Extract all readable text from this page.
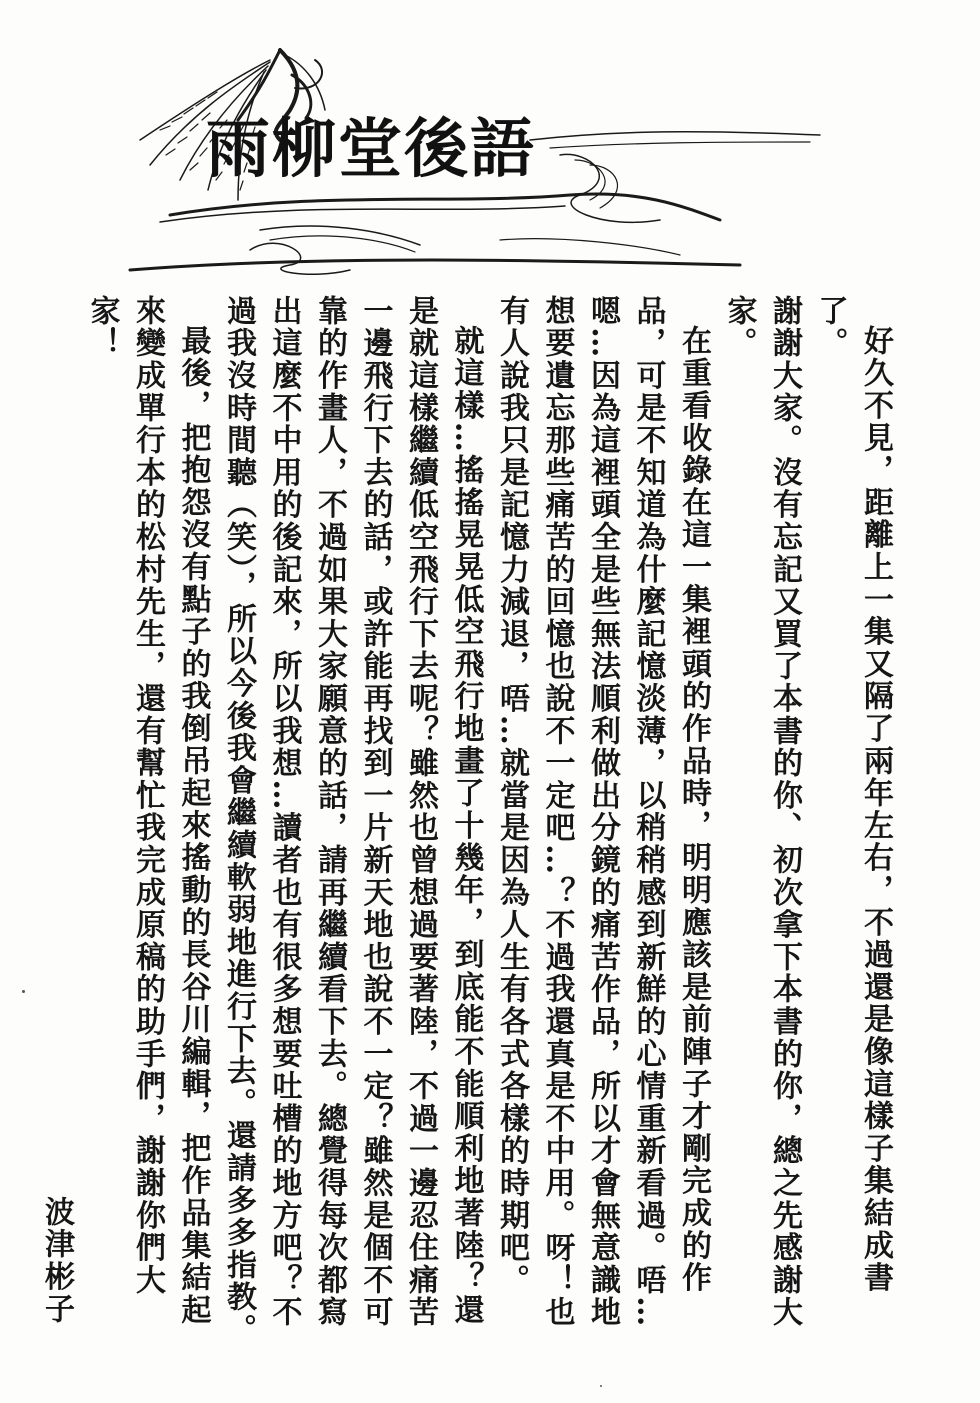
雨柳堂後語

好久不見，距離上一集又隔了兩年左右，不過還是像這樣子集結成書了。

謝謝大家。沒有忘記又買了本書的你、初次拿下本書的你，總之先感謝大家。

在重看收錄在這一集裡頭的作品時，明明應該是前陣子才剛完成的作品，可是不知道為什麼記憶淡薄，以稍稍感到新鮮的心情重新看過。唔…嗯…因為這裡頭全是些無法順利做出分鏡的痛苦作品，所以才會無意識地想要遺忘那些痛苦的回憶也說不一定吧…？不過我還真是不中用。呀！也有人說我只是記憶力減退，唔…就當是因為人生有各式各樣的時期吧。

就這樣…搖搖晃晃低空飛行地畫了十幾年，到底能不能順利地著陸？還是就這樣繼續低空飛行下去呢？雖然也曾想過要著陸，不過一邊忍住痛苦一邊飛行下去的話，或許能再找到一片新天地也說不一定？雖然是個不可靠的作畫人，不過如果大家願意的話，請再繼續看下去。總覺得每次都寫出這麼不中用的後記來，所以我想…讀者也有很多想要吐槽的地方吧？不過我沒時間聽（笑），所以今後我會繼續軟弱地進行下去。還請多多指教。

最後，把抱怨沒有點子的我倒吊起來搖動的長谷川編輯，把作品集結起來變成單行本的松村先生，還有幫忙我完成原稿的助手們，謝謝你們大家！

波津彬子
